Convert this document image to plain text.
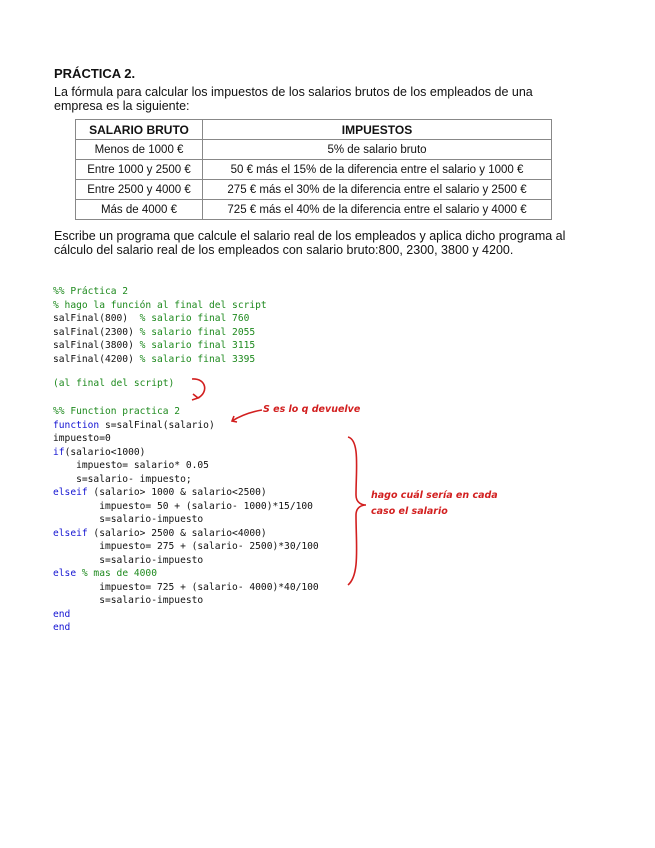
PRÁCTICA 2.
La fórmula para calcular los impuestos de los salarios brutos de los empleados de una empresa es la siguiente:
SALARIO BRUTO	IMPUESTOS
Menos de 1000 €	5% de salario bruto
Entre 1000 y 2500 €	50 € más el 15% de la diferencia entre el salario y 1000 €
Entre 2500 y 4000 €	275 € más el 30% de la diferencia entre el salario y 2500 €
Más de 4000 €	725 € más el 40% de la diferencia entre el salario y 4000 €
Escribe un programa que calcule el salario real de los empleados y aplica dicho programa al cálculo del salario real de los empleados con salario bruto:800, 2300, 3800 y 4200.
%% Práctica 2
% hago la función al final del script
salFinal(800)  % salario final 760
salFinal(2300) % salario final 2055
salFinal(3800) % salario final 3115
salFinal(4200) % salario final 3395
(al final del script)
%% Function practica 2
function s=salFinal(salario)
impuesto=0
if(salario<1000)
impuesto= salario* 0.05
s=salario- impuesto;
elseif (salario> 1000 & salario<2500)
impuesto= 50 + (salario- 1000)*15/100
s=salario-impuesto
elseif (salario> 2500 & salario<4000)
impuesto= 275 + (salario- 2500)*30/100
s=salario-impuesto
else % mas de 4000
impuesto= 725 + (salario- 4000)*40/100
s=salario-impuesto
end
end
S es lo q devuelve
hago cuál sería en cada
caso el salario
